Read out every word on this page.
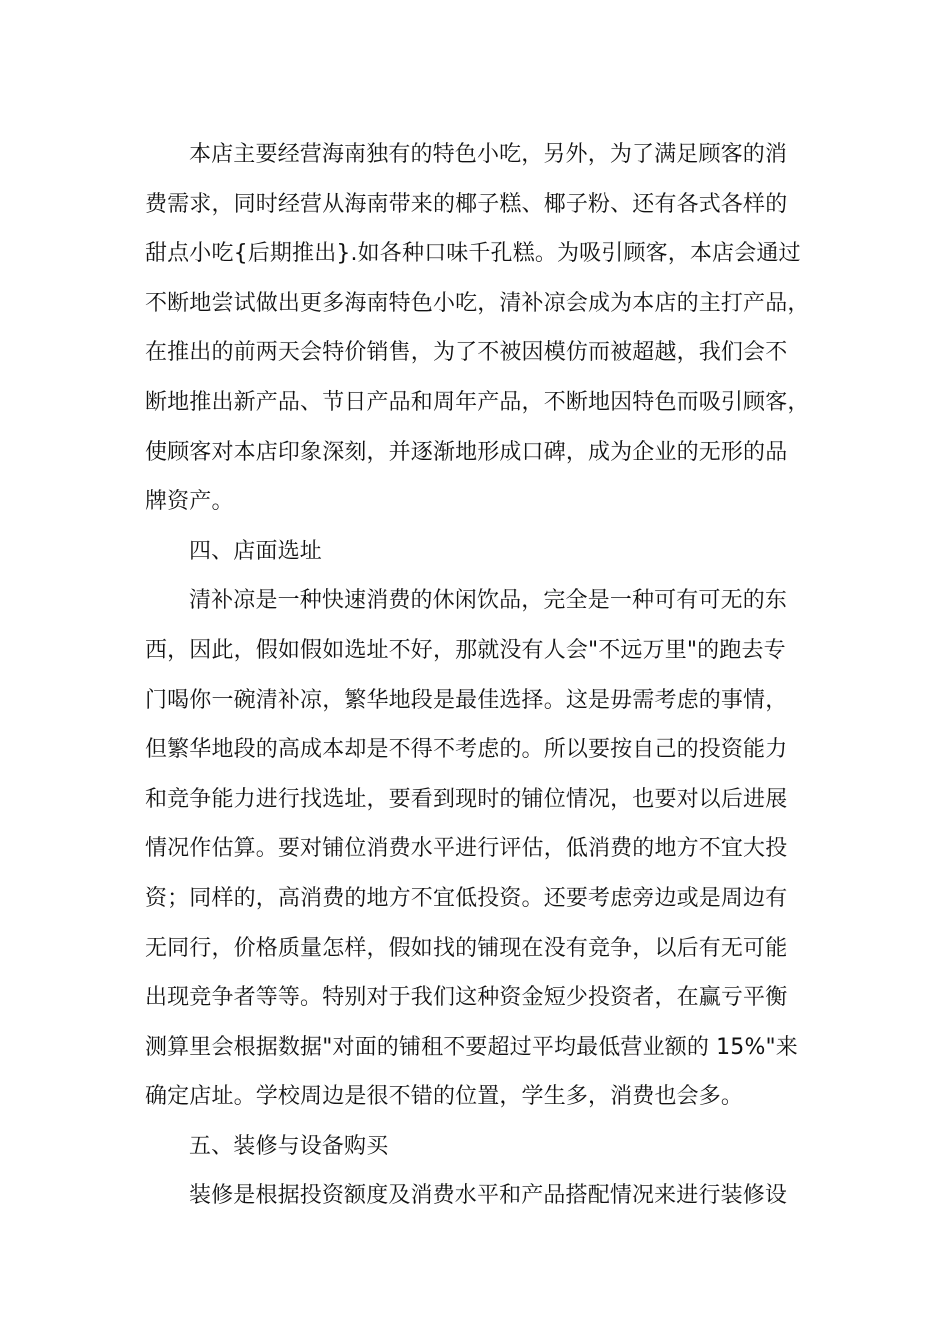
本店主要经营海南独有的特色小吃，另外，为了满足顾客的消
费需求，同时经营从海南带来的椰子糕、椰子粉、还有各式各样的
甜点小吃{后期推出}.如各种口味千孔糕。为吸引顾客，本店会通过
不断地尝试做出更多海南特色小吃，清补凉会成为本店的主打产品，
在推出的前两天会特价销售，为了不被因模仿而被超越，我们会不
断地推出新产品、节日产品和周年产品，不断地因特色而吸引顾客，
使顾客对本店印象深刻，并逐渐地形成口碑，成为企业的无形的品
牌资产。
四、店面选址
清补凉是一种快速消费的休闲饮品，完全是一种可有可无的东
西，因此，假如假如选址不好，那就没有人会"不远万里"的跑去专
门喝你一碗清补凉，繁华地段是最佳选择。这是毋需考虑的事情，
但繁华地段的高成本却是不得不考虑的。所以要按自己的投资能力
和竞争能力进行找选址，要看到现时的铺位情况，也要对以后进展
情况作估算。要对铺位消费水平进行评估，低消费的地方不宜大投
资；同样的，高消费的地方不宜低投资。还要考虑旁边或是周边有
无同行，价格质量怎样，假如找的铺现在没有竞争，以后有无可能
出现竞争者等等。特别对于我们这种资金短少投资者，在赢亏平衡
测算里会根据数据"对面的铺租不要超过平均最低营业额的 15%"来
确定店址。学校周边是很不错的位置，学生多，消费也会多。
五、装修与设备购买
装修是根据投资额度及消费水平和产品搭配情况来进行装修设
